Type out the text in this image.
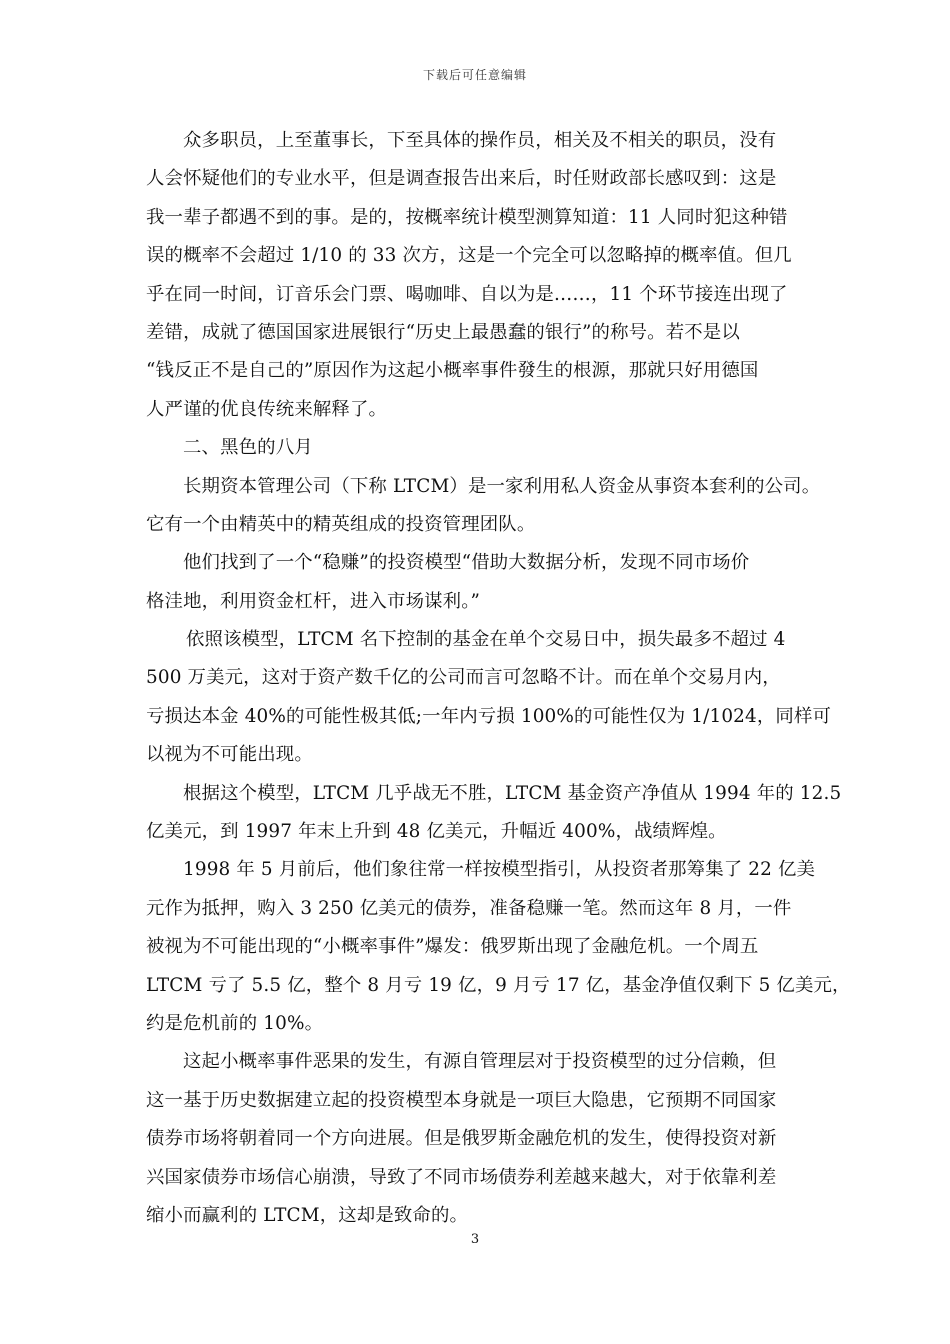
下载后可任意编辑
众多职员，上至董事长，下至具体的操作员，相关及不相关的职员，没有
人会怀疑他们的专业水平，但是调查报告出来后，时任财政部长感叹到：这是
我一辈子都遇不到的事。是的，按概率统计模型测算知道：11 人同时犯这种错
误的概率不会超过 1/10 的 33 次方，这是一个完全可以忽略掉的概率值。但几
乎在同一时间，订音乐会门票、喝咖啡、自以为是……，11 个环节接连出现了
差错，成就了德国国家进展银行“历史上最愚蠢的银行”的称号。若不是以
“钱反正不是自己的”原因作为这起小概率事件發生的根源，那就只好用德国
人严谨的优良传统来解释了。
二、黑色的八月
长期资本管理公司（下称 LTCM）是一家利用私人资金从事资本套利的公司。
它有一个由精英中的精英组成的投资管理团队。
他们找到了一个“稳赚”的投资模型“借助大数据分析，发现不同市场价
格洼地，利用资金杠杆，进入市场谋利。”
依照该模型，LTCM 名下控制的基金在单个交易日中，损失最多不超过 4
500 万美元，这对于资产数千亿的公司而言可忽略不计。而在单个交易月内，
亏损达本金 40%的可能性极其低;一年内亏损 100%的可能性仅为 1/1024，同样可
以视为不可能出现。
根据这个模型，LTCM 几乎战无不胜，LTCM 基金资产净值从 1994 年的 12.5
亿美元，到 1997 年末上升到 48 亿美元，升幅近 400%，战绩辉煌。
1998 年 5 月前后，他们象往常一样按模型指引，从投资者那筹集了 22 亿美
元作为抵押，购入 3 250 亿美元的债券，准备稳赚一笔。然而这年 8 月，一件
被视为不可能出现的“小概率事件”爆发：俄罗斯出现了金融危机。一个周五
LTCM 亏了 5.5 亿，整个 8 月亏 19 亿，9 月亏 17 亿，基金净值仅剩下 5 亿美元，
约是危机前的 10%。
这起小概率事件恶果的发生，有源自管理层对于投资模型的过分信赖，但
这一基于历史数据建立起的投资模型本身就是一项巨大隐患，它预期不同国家
债券市场将朝着同一个方向进展。但是俄罗斯金融危机的发生，使得投资对新
兴国家债券市场信心崩溃，导致了不同市场债券利差越来越大，对于依靠利差
缩小而赢利的 LTCM，这却是致命的。
3
